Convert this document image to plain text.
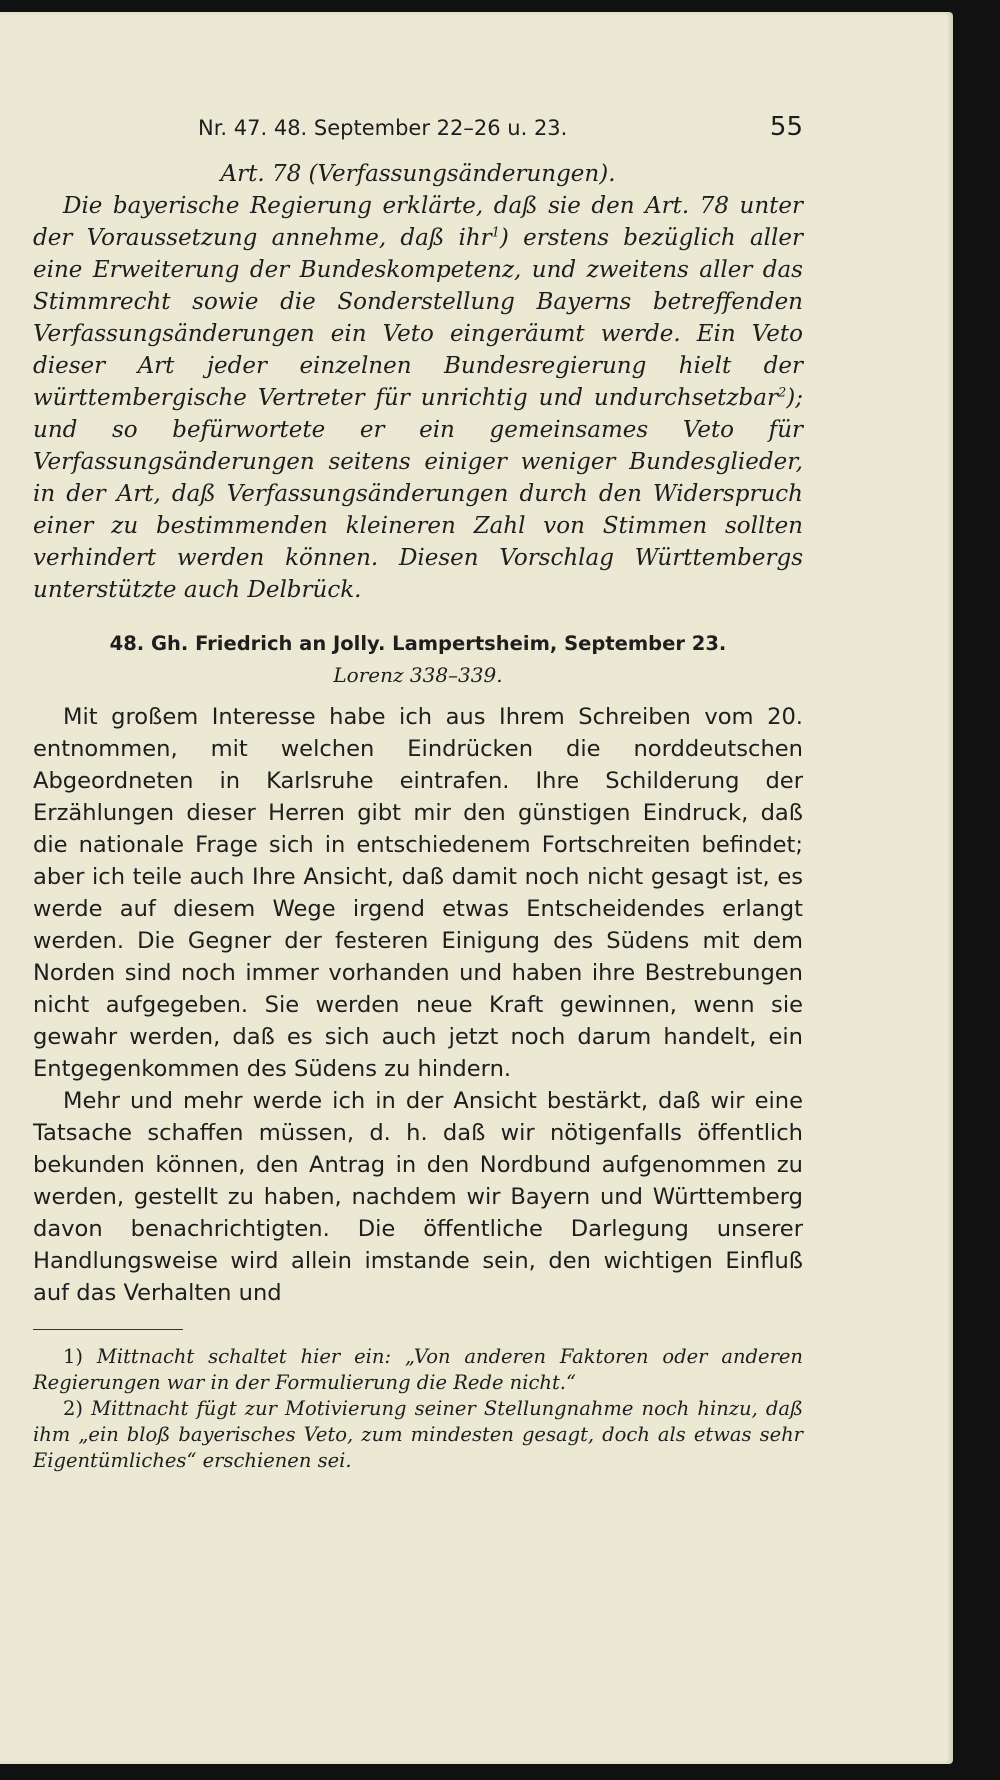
Nr. 47. 48. September 22–26 u. 23.	55

Art. 78 (Verfassungsänderungen).

Die bayerische Regierung erklärte, daß sie den Art. 78 unter der Voraussetzung annehme, daß ihr$^1$) erstens bezüglich aller eine Erweiterung der Bundeskompetenz, und zweitens aller das Stimmrecht sowie die Sonderstellung Bayerns betreffenden Verfassungsänderungen ein Veto eingeräumt werde. Ein Veto dieser Art jeder einzelnen Bundesregierung hielt der württembergische Vertreter für unrichtig und undurchsetzbar$^2$); und so befürwortete er ein gemeinsames Veto für Verfassungsänderungen seitens einiger weniger Bundesglieder, in der Art, daß Verfassungsänderungen durch den Widerspruch einer zu bestimmenden kleineren Zahl von Stimmen sollten verhindert werden können. Diesen Vorschlag Württembergs unterstützte auch Delbrück.

48. Gh. Friedrich an Jolly. Lampertsheim, September 23.
Lorenz 338–339.

Mit großem Interesse habe ich aus Ihrem Schreiben vom 20. entnommen, mit welchen Eindrücken die norddeutschen Abgeordneten in Karlsruhe eintrafen. Ihre Schilderung der Erzählungen dieser Herren gibt mir den günstigen Eindruck, daß die nationale Frage sich in entschiedenem Fortschreiten befindet; aber ich teile auch Ihre Ansicht, daß damit noch nicht gesagt ist, es werde auf diesem Wege irgend etwas Entscheidendes erlangt werden. Die Gegner der festeren Einigung des Südens mit dem Norden sind noch immer vorhanden und haben ihre Bestrebungen nicht aufgegeben. Sie werden neue Kraft gewinnen, wenn sie gewahr werden, daß es sich auch jetzt noch darum handelt, ein Entgegenkommen des Südens zu hindern.

Mehr und mehr werde ich in der Ansicht bestärkt, daß wir eine Tatsache schaffen müssen, d. h. daß wir nötigenfalls öffentlich bekunden können, den Antrag in den Nordbund aufgenommen zu werden, gestellt zu haben, nachdem wir Bayern und Württemberg davon benachrichtigten. Die öffentliche Darlegung unserer Handlungsweise wird allein imstande sein, den wichtigen Einfluß auf das Verhalten und

1) Mittnacht schaltet hier ein: „Von anderen Faktoren oder anderen Regierungen war in der Formulierung die Rede nicht.“

2) Mittnacht fügt zur Motivierung seiner Stellungnahme noch hinzu, daß ihm „ein bloß bayerisches Veto, zum mindesten gesagt, doch als etwas sehr Eigentümliches“ erschienen sei.
